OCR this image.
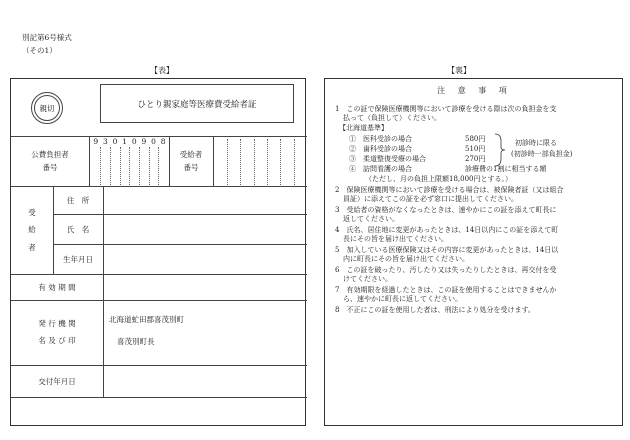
別記第6号様式
（その1）
【表】	【裏】
親切	ひとり親家庭等医療費受給者証
公費負担者
番号
9 3 0 1 0 9 0 8
受給者
番号
受
給
者
住　所
氏　名
生年月日
有 効 期 間
発 行 機 関
名 及 び 印
北海道虻田郡喜茂別町
喜茂別町長
交付年月日
注 意 事 項
1　この証で保険医療機関等において診療を受ける際は次の負担金を支
払って（負担して）ください。
【北海道基準】
①　医科受診の場合
②　歯科受診の場合
③　柔道整復受療の場合
④　訪問看護の場合
580円
510円
270円
診療費の1割に相当する額
初診時に限る
(初診時一部負担金)
（ただし、月の負担上限額18,000円とする。）
2　保険医療機関等において診療を受ける場合は、被保険者証（又は組合
員証）に添えてこの証を必ず窓口に提出してください。
3　受給者の資格がなくなったときは、速やかにこの証を添えて町長に
返してください。
4　氏名、居住地に変更があったときは、14日以内にこの証を添えて町
長にその旨を届け出てください。
5　加入している医療保険又はその内容に変更があったときは、14日以
内に町長にその旨を届け出てください。
6　この証を破ったり、汚したり又は失ったりしたときは、再交付を受
けてください。
7　有効期限を経過したときは、この証を使用することはできませんか
ら、速やかに町長に返してください。
8　不正にこの証を使用した者は、刑法により処分を受けます。
